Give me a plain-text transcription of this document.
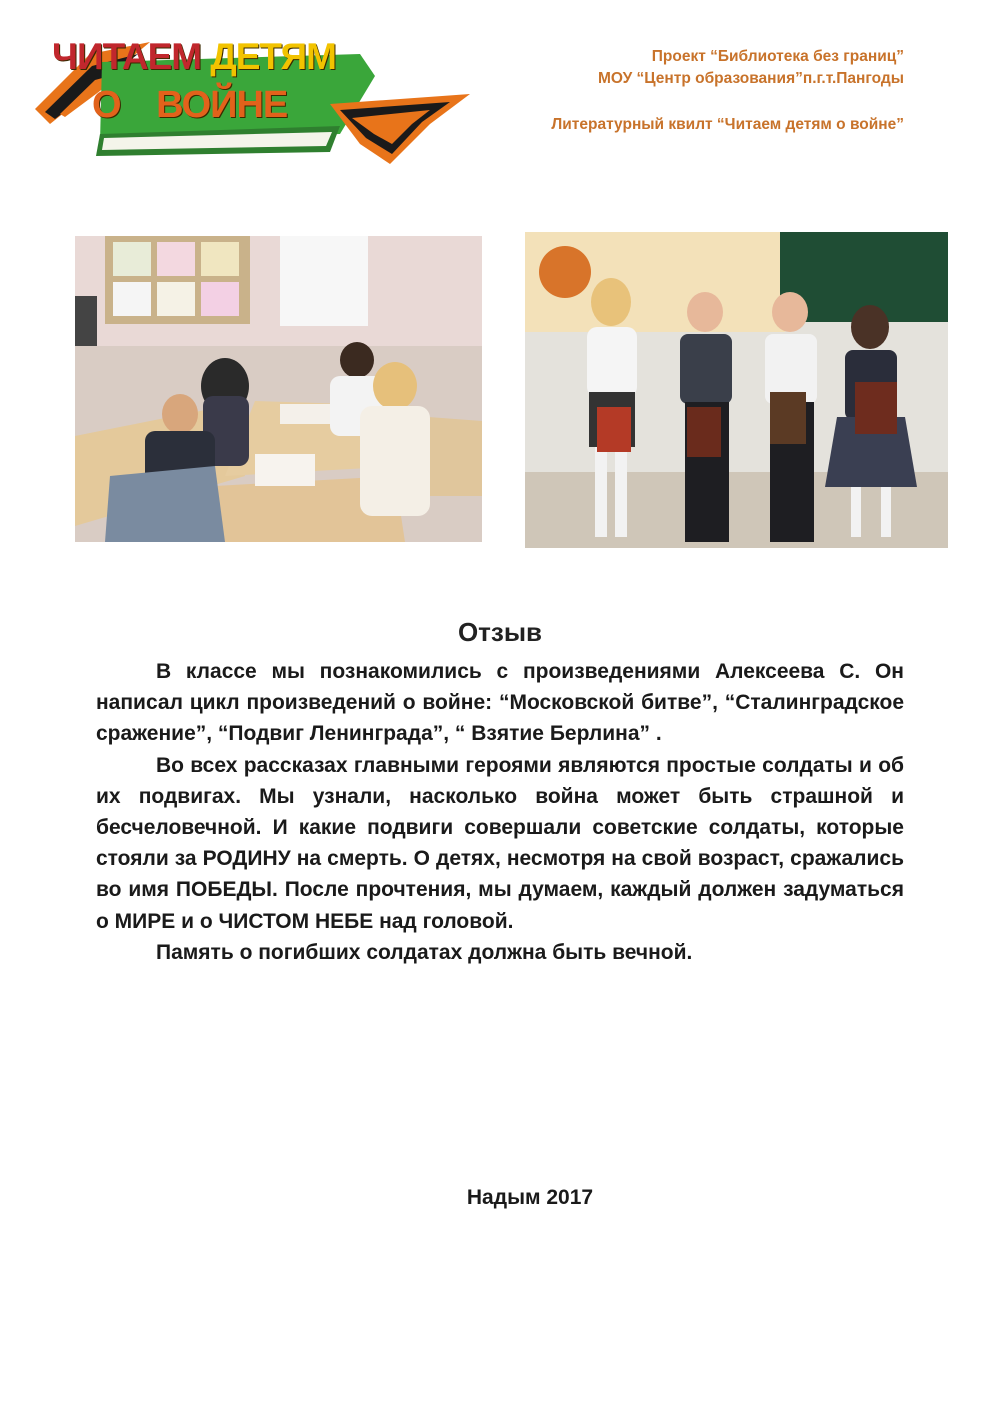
ЧИТАЕМ ДЕТЯМ
О ВОЙНЕ
Проект “Библиотека без границ”
МОУ “Центр образования”п.г.т.Пангоды
Литературный квилт “Читаем детям о войне”
Отзыв

В классе мы познакомились с произведениями Алексеева С. Он написал цикл произведений о войне: “Московской битве”, “Сталинградское сражение”, “Подвиг Ленинграда”, “ Взятие Берлина” .

Во всех рассказах главными героями являются простые солдаты и об их подвигах. Мы узнали, насколько война может быть страшной и бесчеловечной. И какие подвиги совершали советские солдаты, которые стояли за РОДИНУ на смерть. О детях, несмотря на свой возраст, сражались во имя ПОБЕДЫ. После прочтения, мы думаем, каждый должен задуматься о МИРЕ и о ЧИСТОМ НЕБЕ над головой.

Память о погибших солдатах должна быть вечной.

Надым 2017
